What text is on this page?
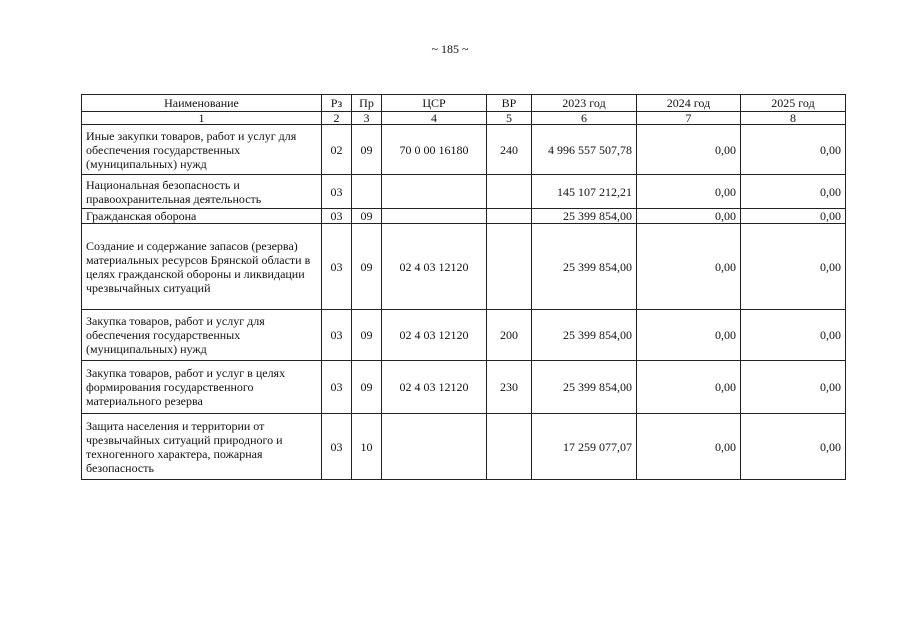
~ 185 ~
Наименование	Рз	Пр	ЦСР	ВР	2023 год	2024 год	2025 год
1	2	3	4	5	6	7	8
Иные закупки товаров, работ и услуг для обеспечения государственных (муниципальных) нужд	02	09	70 0 00 16180	240	4 996 557 507,78	0,00	0,00
Национальная безопасность и правоохранительная деятельность	03				145 107 212,21	0,00	0,00
Гражданская оборона	03	09			25 399 854,00	0,00	0,00
Создание и содержание запасов (резерва) материальных ресурсов Брянской области в целях гражданской обороны и ликвидации чрезвычайных ситуаций	03	09	02 4 03 12120		25 399 854,00	0,00	0,00
Закупка товаров, работ и услуг для обеспечения государственных (муниципальных) нужд	03	09	02 4 03 12120	200	25 399 854,00	0,00	0,00
Закупка товаров, работ и услуг в целях формирования государственного материального резерва	03	09	02 4 03 12120	230	25 399 854,00	0,00	0,00
Защита населения и территории от чрезвычайных ситуаций природного и техногенного характера, пожарная безопасность	03	10			17 259 077,07	0,00	0,00
